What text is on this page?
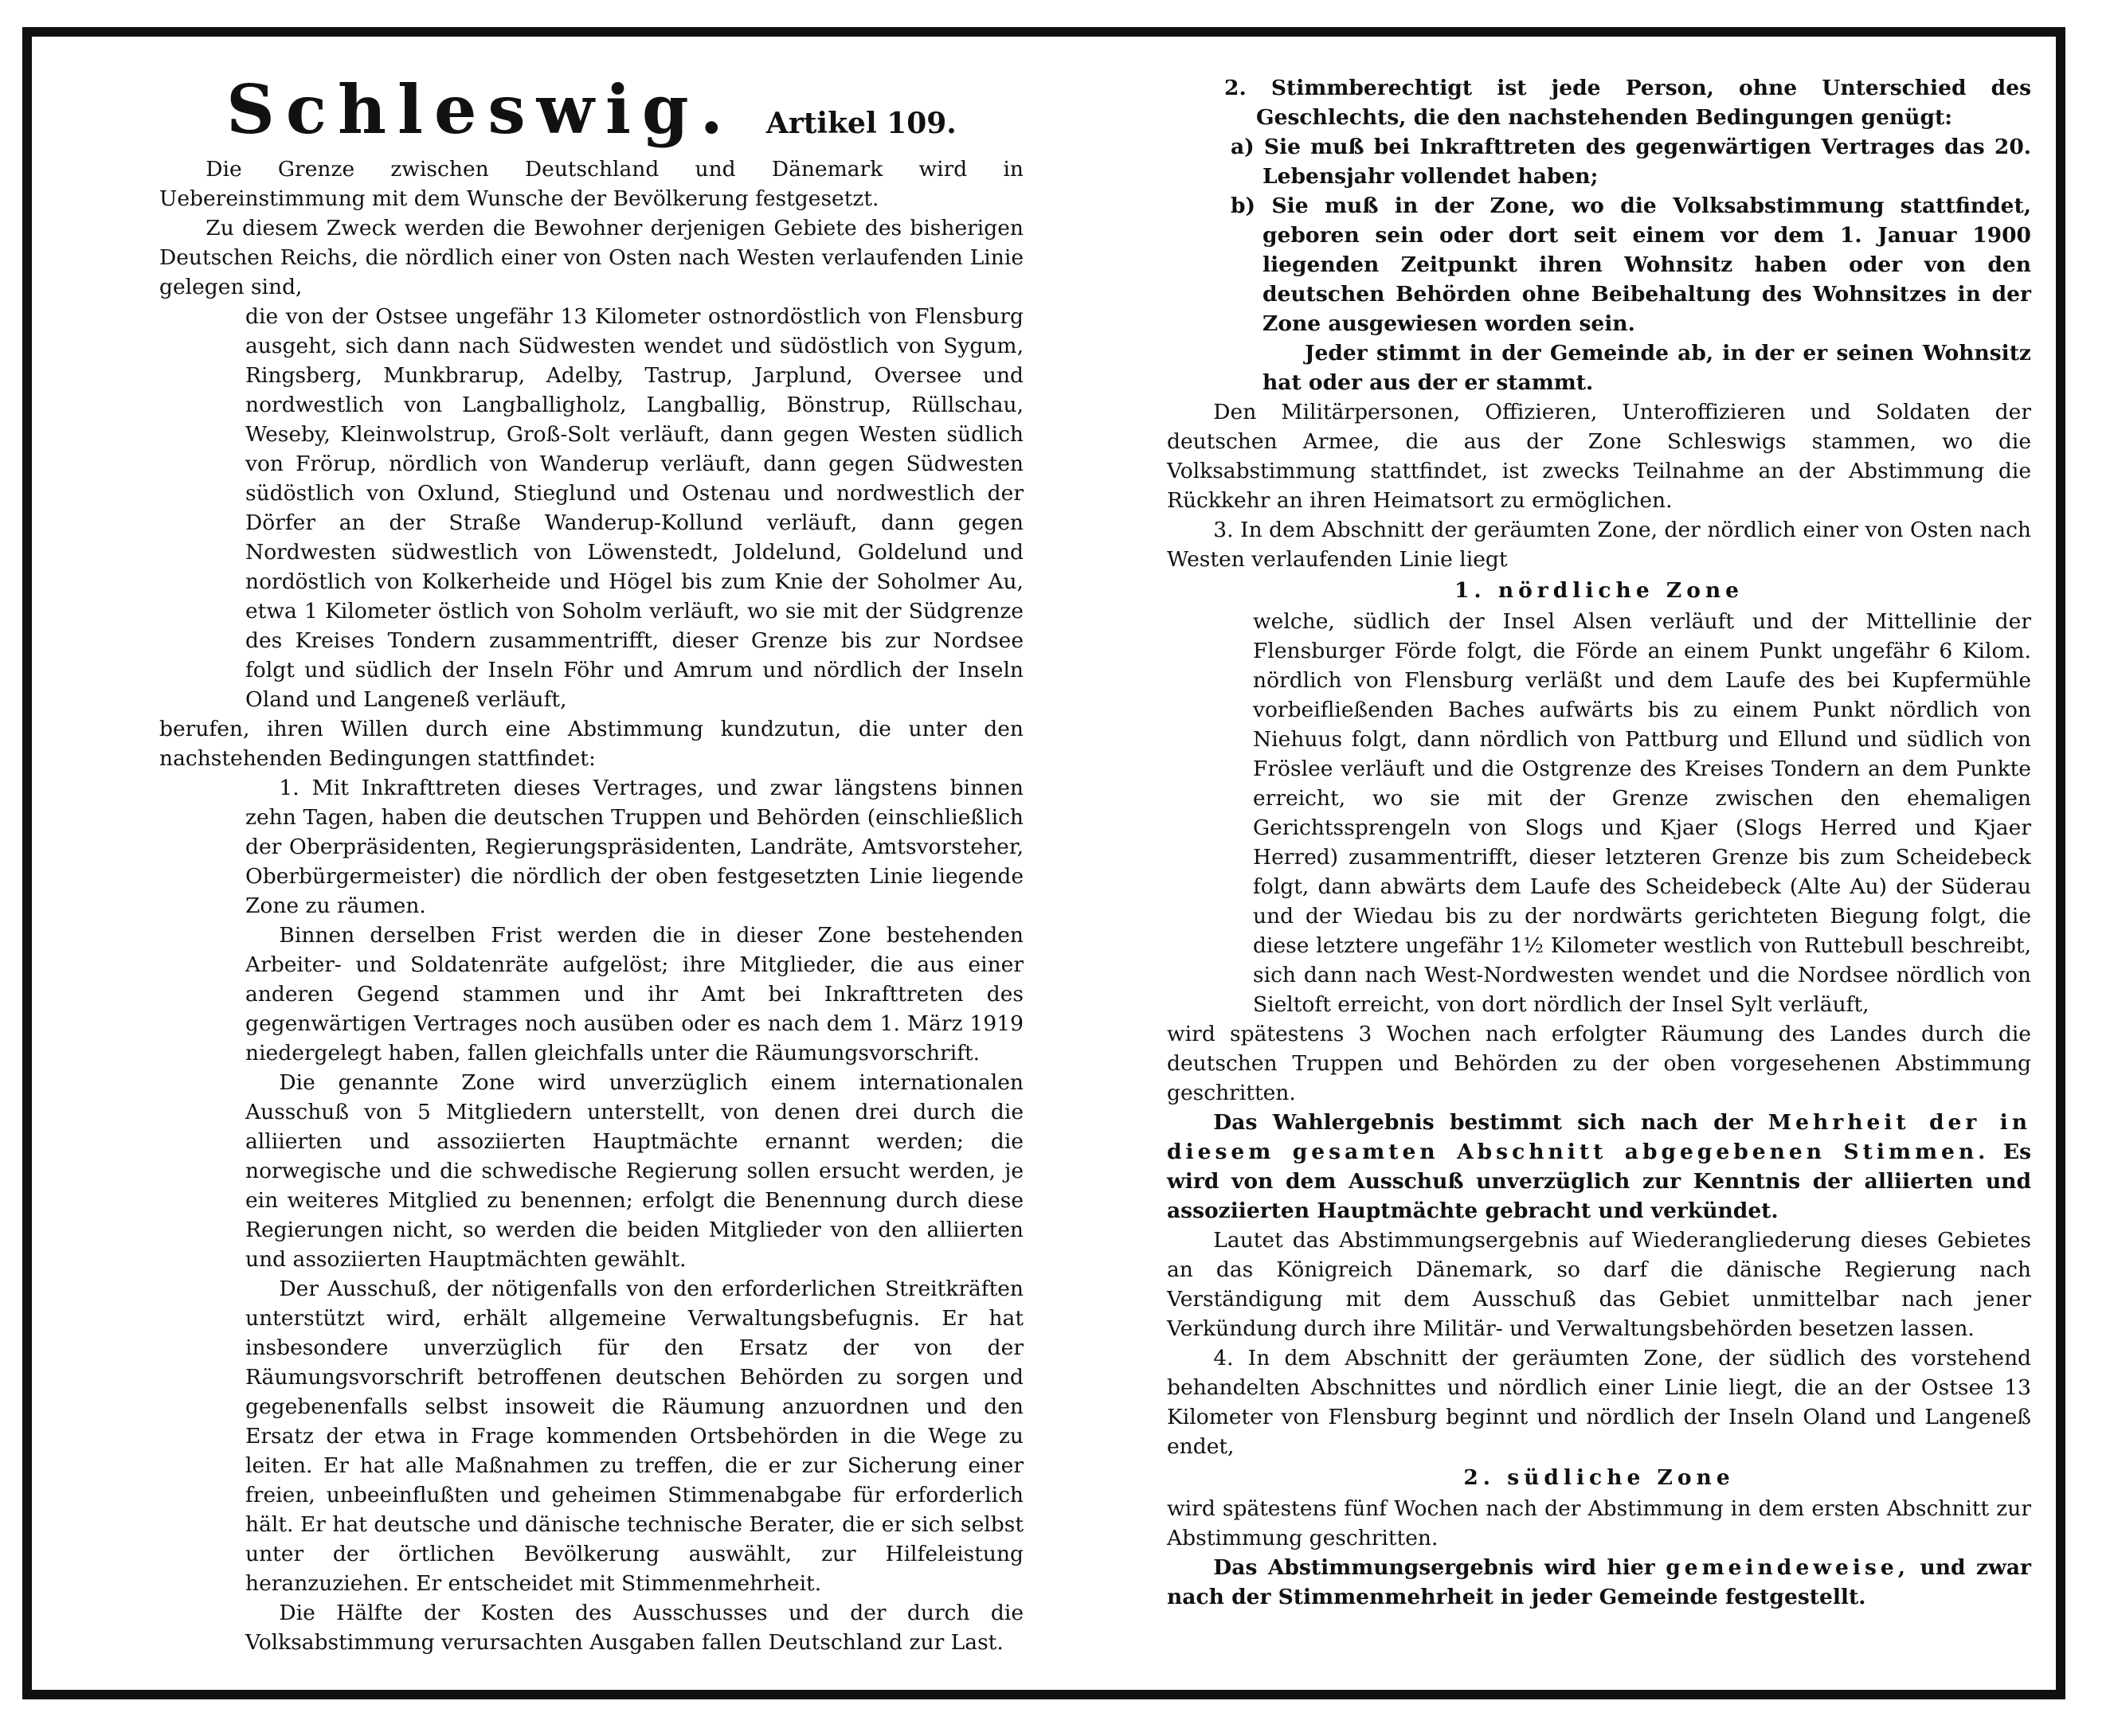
Schleswig. Artikel 109.

Die Grenze zwischen Deutschland und Dänemark wird in Uebereinstimmung mit dem Wunsche der Bevölkerung festgesetzt.

Zu diesem Zweck werden die Bewohner derjenigen Gebiete des bisherigen Deutschen Reichs, die nördlich einer von Osten nach Westen verlaufenden Linie gelegen sind,

die von der Ostsee ungefähr 13 Kilometer ostnordöstlich von Flensburg ausgeht, sich dann nach Südwesten wendet und südöstlich von Sygum, Ringsberg, Munkbrarup, Adelby, Tastrup, Jarplund, Oversee und nordwestlich von Langballigholz, Langballig, Bönstrup, Rüllschau, Weseby, Kleinwolstrup, Groß-Solt verläuft, dann gegen Westen südlich von Frörup, nördlich von Wanderup verläuft, dann gegen Südwesten südöstlich von Oxlund, Stieglund und Ostenau und nordwestlich der Dörfer an der Straße Wanderup-Kollund verläuft, dann gegen Nordwesten südwestlich von Löwenstedt, Joldelund, Goldelund und nordöstlich von Kolkerheide und Högel bis zum Knie der Soholmer Au, etwa 1 Kilometer östlich von Soholm verläuft, wo sie mit der Südgrenze des Kreises Tondern zusammentrifft, dieser Grenze bis zur Nordsee folgt und südlich der Inseln Föhr und Amrum und nördlich der Inseln Oland und Langeneß verläuft,

berufen, ihren Willen durch eine Abstimmung kundzutun, die unter den nachstehenden Bedingungen stattfindet:

1. Mit Inkrafttreten dieses Vertrages, und zwar längstens binnen zehn Tagen, haben die deutschen Truppen und Behörden (einschließlich der Oberpräsidenten, Regierungspräsidenten, Landräte, Amtsvorsteher, Oberbürgermeister) die nördlich der oben festgesetzten Linie liegende Zone zu räumen.

Binnen derselben Frist werden die in dieser Zone bestehenden Arbeiter- und Soldatenräte aufgelöst; ihre Mitglieder, die aus einer anderen Gegend stammen und ihr Amt bei Inkrafttreten des gegenwärtigen Vertrages noch ausüben oder es nach dem 1. März 1919 niedergelegt haben, fallen gleichfalls unter die Räumungsvorschrift.

Die genannte Zone wird unverzüglich einem internationalen Ausschuß von 5 Mitgliedern unterstellt, von denen drei durch die alliierten und assoziierten Hauptmächte ernannt werden; die norwegische und die schwedische Regierung sollen ersucht werden, je ein weiteres Mitglied zu benennen; erfolgt die Benennung durch diese Regierungen nicht, so werden die beiden Mitglieder von den alliierten und assoziierten Hauptmächten gewählt.

Der Ausschuß, der nötigenfalls von den erforderlichen Streitkräften unterstützt wird, erhält allgemeine Verwaltungsbefugnis. Er hat insbesondere unverzüglich für den Ersatz der von der Räumungsvorschrift betroffenen deutschen Behörden zu sorgen und gegebenenfalls selbst insoweit die Räumung anzuordnen und den Ersatz der etwa in Frage kommenden Ortsbehörden in die Wege zu leiten. Er hat alle Maßnahmen zu treffen, die er zur Sicherung einer freien, unbeeinflußten und geheimen Stimmenabgabe für erforderlich hält. Er hat deutsche und dänische technische Berater, die er sich selbst unter der örtlichen Bevölkerung auswählt, zur Hilfeleistung heranzuziehen. Er entscheidet mit Stimmenmehrheit.

Die Hälfte der Kosten des Ausschusses und der durch die Volksabstimmung verursachten Ausgaben fallen Deutschland zur Last.

2. Stimmberechtigt ist jede Person, ohne Unterschied des Geschlechts, die den nachstehenden Bedingungen genügt:

a) Sie muß bei Inkrafttreten des gegenwärtigen Vertrages das 20. Lebensjahr vollendet haben;

b) Sie muß in der Zone, wo die Volksabstimmung stattfindet, geboren sein oder dort seit einem vor dem 1. Januar 1900 liegenden Zeitpunkt ihren Wohnsitz haben oder von den deutschen Behörden ohne Beibehaltung des Wohnsitzes in der Zone ausgewiesen worden sein.

Jeder stimmt in der Gemeinde ab, in der er seinen Wohnsitz hat oder aus der er stammt.

Den Militärpersonen, Offizieren, Unteroffizieren und Soldaten der deutschen Armee, die aus der Zone Schleswigs stammen, wo die Volksabstimmung stattfindet, ist zwecks Teilnahme an der Abstimmung die Rückkehr an ihren Heimatsort zu ermöglichen.

3. In dem Abschnitt der geräumten Zone, der nördlich einer von Osten nach Westen verlaufenden Linie liegt

1. nördliche Zone

welche, südlich der Insel Alsen verläuft und der Mittellinie der Flensburger Förde folgt, die Förde an einem Punkt ungefähr 6 Kilom. nördlich von Flensburg verläßt und dem Laufe des bei Kupfermühle vorbeifließenden Baches aufwärts bis zu einem Punkt nördlich von Niehuus folgt, dann nördlich von Pattburg und Ellund und südlich von Fröslee verläuft und die Ostgrenze des Kreises Tondern an dem Punkte erreicht, wo sie mit der Grenze zwischen den ehemaligen Gerichtssprengeln von Slogs und Kjaer (Slogs Herred und Kjaer Herred) zusammentrifft, dieser letzteren Grenze bis zum Scheidebeck folgt, dann abwärts dem Laufe des Scheidebeck (Alte Au) der Süderau und der Wiedau bis zu der nordwärts gerichteten Biegung folgt, die diese letztere ungefähr 1½ Kilometer westlich von Ruttebull beschreibt, sich dann nach West-Nordwesten wendet und die Nordsee nördlich von Sieltoft erreicht, von dort nördlich der Insel Sylt verläuft,

wird spätestens 3 Wochen nach erfolgter Räumung des Landes durch die deutschen Truppen und Behörden zu der oben vorgesehenen Abstimmung geschritten.

Das Wahlergebnis bestimmt sich nach der Mehrheit der in diesem gesamten Abschnitt abgegebenen Stimmen. Es wird von dem Ausschuß unverzüglich zur Kenntnis der alliierten und assoziierten Hauptmächte gebracht und verkündet.

Lautet das Abstimmungsergebnis auf Wiederangliederung dieses Gebietes an das Königreich Dänemark, so darf die dänische Regierung nach Verständigung mit dem Ausschuß das Gebiet unmittelbar nach jener Verkündung durch ihre Militär- und Verwaltungsbehörden besetzen lassen.

4. In dem Abschnitt der geräumten Zone, der südlich des vorstehend behandelten Abschnittes und nördlich einer Linie liegt, die an der Ostsee 13 Kilometer von Flensburg beginnt und nördlich der Inseln Oland und Langeneß endet,

2. südliche Zone

wird spätestens fünf Wochen nach der Abstimmung in dem ersten Abschnitt zur Abstimmung geschritten.

Das Abstimmungsergebnis wird hier gemeindeweise, und zwar nach der Stimmenmehrheit in jeder Gemeinde festgestellt.
